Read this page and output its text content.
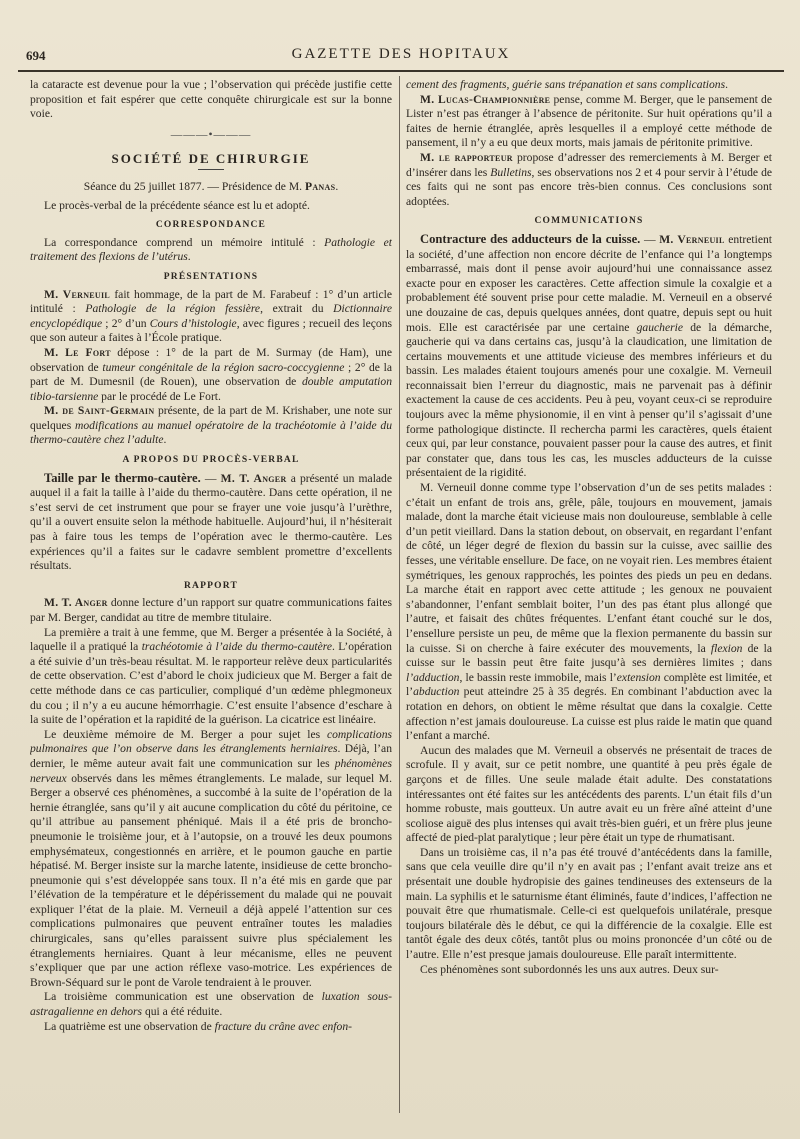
694	GAZETTE DES HOPITAUX

la cataracte est devenue pour la vue ; l’observation qui précède justifie cette proposition et fait espérer que cette conquête chirurgicale est sur la bonne voie.

———•———
SOCIÉTÉ DE CHIRURGIE

Séance du 25 juillet 1877. — Présidence de M. Panas.

Le procès-verbal de la précédente séance est lu et adopté.

CORRESPONDANCE

La correspondance comprend un mémoire intitulé : Pathologie et traitement des flexions de l’utérus.

PRÉSENTATIONS

M. Verneuil fait hommage, de la part de M. Farabeuf : 1° d’un article intitulé : Pathologie de la région fessière, extrait du Dictionnaire encyclopédique ; 2° d’un Cours d’histologie, avec figures ; recueil des leçons que son auteur a faites à l’École pratique.

M. Le Fort dépose : 1° de la part de M. Surmay (de Ham), une observation de tumeur congénitale de la région sacro-coccygienne ; 2° de la part de M. Dumesnil (de Rouen), une observation de double amputation tibio-tarsienne par le procédé de Le Fort.

M. de Saint-Germain présente, de la part de M. Krishaber, une note sur quelques modifications au manuel opératoire de la trachéotomie à l’aide du thermo-cautère chez l’adulte.

A PROPOS DU PROCÈS-VERBAL

Taille par le thermo-cautère. — M. T. Anger a présenté un malade auquel il a fait la taille à l’aide du thermo-cautère. Dans cette opération, il ne s’est servi de cet instrument que pour se frayer une voie jusqu’à l’urèthre, qu’il a ouvert ensuite selon la méthode habituelle. Aujourd’hui, il n’hésiterait pas à faire tous les temps de l’opération avec le thermo-cautère. Les expériences qu’il a faites sur le cadavre semblent promettre d’excellents résultats.

RAPPORT

M. T. Anger donne lecture d’un rapport sur quatre communications faites par M. Berger, candidat au titre de membre titulaire.

La première a trait à une femme, que M. Berger a présentée à la Société, à laquelle il a pratiqué la trachéotomie à l’aide du thermo-cautère. L’opération a été suivie d’un très-beau résultat. M. le rapporteur relève deux particularités de cette observation. C’est d’abord le choix judicieux que M. Berger a fait de cette méthode dans ce cas particulier, compliqué d’un œdème phlegmoneux du cou ; il n’y a eu aucune hémorrhagie. C’est ensuite l’absence d’eschare à la suite de l’opération et la rapidité de la guérison. La cicatrice est linéaire.

Le deuxième mémoire de M. Berger a pour sujet les complications pulmonaires que l’on observe dans les étranglements herniaires. Déjà, l’an dernier, le même auteur avait fait une communication sur les phénomènes nerveux observés dans les mêmes étranglements. Le malade, sur lequel M. Berger a observé ces phénomènes, a succombé à la suite de l’opération de la hernie étranglée, sans qu’il y ait aucune complication du côté du péritoine, ce qu’il attribue au pansement phéniqué. Mais il a été pris de broncho-pneumonie le troisième jour, et à l’autopsie, on a trouvé les deux poumons emphysémateux, congestionnés en arrière, et le poumon gauche en partie hépatisé. M. Berger insiste sur la marche latente, insidieuse de cette broncho-pneumonie qui s’est développée sans toux. Il n’a été mis en garde que par l’élévation de la température et le dépérissement du malade qui ne pouvait expliquer l’état de la plaie. M. Verneuil a déjà appelé l’attention sur ces complications pulmonaires que peuvent entraîner toutes les maladies chirurgicales, sans qu’elles paraissent suivre plus spécialement les étranglements herniaires. Quant à leur mécanisme, elles ne peuvent s’expliquer que par une action réflexe vaso-motrice. Les expériences de Brown-Séquard sur le pont de Varole tendraient à le prouver.

La troisième communication est une observation de luxation sous-astragalienne en dehors qui a été réduite.

La quatrième est une observation de fracture du crâne avec enfon-

cement des fragments, guérie sans trépanation et sans complications.

M. Lucas-Championnière pense, comme M. Berger, que le pansement de Lister n’est pas étranger à l’absence de péritonite. Sur huit opérations qu’il a faites de hernie étranglée, après lesquelles il a employé cette méthode de pansement, il n’y a eu que deux morts, mais jamais de péritonite primitive.

M. le rapporteur propose d’adresser des remerciements à M. Berger et d’insérer dans les Bulletins, ses observations nos 2 et 4 pour servir à l’étude de ces faits qui ne sont pas encore très-bien connus. Ces conclusions sont adoptées.

COMMUNICATIONS

Contracture des adducteurs de la cuisse. — M. Verneuil entretient la société, d’une affection non encore décrite de l’enfance qui l’a longtemps embarrassé, mais dont il pense avoir aujourd’hui une connaissance assez exacte pour en exposer les caractères. Cette affection simule la coxalgie et a probablement été souvent prise pour cette maladie. M. Verneuil en a observé une douzaine de cas, depuis quelques années, dont quatre, depuis sept ou huit mois. Elle est caractérisée par une certaine gaucherie de la démarche, gaucherie qui va dans certains cas, jusqu’à la claudication, une limitation de certains mouvements et une attitude vicieuse des membres inférieurs et du bassin. Les malades étaient toujours amenés pour une coxalgie. M. Verneuil reconnaissait bien l’erreur du diagnostic, mais ne parvenait pas à définir exactement la cause de ces accidents. Peu à peu, voyant ceux-ci se reproduire toujours avec la même physionomie, il en vint à penser qu’il s’agissait d’une forme pathologique distincte. Il rechercha parmi les caractères, quels étaient ceux qui, par leur constance, pouvaient passer pour la cause des autres, et finit par constater que, dans tous les cas, les muscles adducteurs de la cuisse présentaient de la rigidité.

M. Verneuil donne comme type l’observation d’un de ses petits malades : c’était un enfant de trois ans, grêle, pâle, toujours en mouvement, jamais malade, dont la marche était vicieuse mais non douloureuse, semblable à celle d’un petit vieillard. Dans la station debout, on observait, en regardant l’enfant de côté, un léger degré de flexion du bassin sur la cuisse, avec saillie des fesses, une véritable ensellure. De face, on ne voyait rien. Les membres étaient symétriques, les genoux rapprochés, les pointes des pieds un peu en dedans. La marche était en rapport avec cette attitude ; les genoux ne pouvaient s’abandonner, l’enfant semblait boiter, l’un des pas étant plus allongé que l’autre, et faisait des chûtes fréquentes. L’enfant étant couché sur le dos, l’ensellure persiste un peu, de même que la flexion permanente du bassin sur la cuisse. Si on cherche à faire exécuter des mouvements, la flexion de la cuisse sur le bassin peut être faite jusqu’à ses dernières limites ; dans l’adduction, le bassin reste immobile, mais l’extension complète est limitée, et l’abduction peut atteindre 25 à 35 degrés. En combinant l’abduction avec la rotation en dehors, on obtient le même résultat que dans la coxalgie. Cette affection n’est jamais douloureuse. La cuisse est plus raide le matin que quand l’enfant a marché.

Aucun des malades que M. Verneuil a observés ne présentait de traces de scrofule. Il y avait, sur ce petit nombre, une quantité à peu près égale de garçons et de filles. Une seule malade était adulte. Des constatations intéressantes ont été faites sur les antécédents des parents. L’un était fils d’un homme robuste, mais goutteux. Un autre avait eu un frère aîné atteint d’une scoliose aiguë des plus intenses qui avait très-bien guéri, et un frère plus jeune affecté de pied-plat paralytique ; leur père était un type de rhumatisant.

Dans un troisième cas, il n’a pas été trouvé d’antécédents dans la famille, sans que cela veuille dire qu’il n’y en avait pas ; l’enfant avait treize ans et présentait une double hydropisie des gaines tendineuses des extenseurs de la main. La syphilis et le saturnisme étant éliminés, faute d’indices, l’affection ne pouvait être que rhumatismale. Celle-ci est quelquefois unilatérale, presque toujours bilatérale dès le début, ce qui la différencie de la coxalgie. Elle est tantôt égale des deux côtés, tantôt plus ou moins prononcée d’un côté ou de l’autre. Elle n’est presque jamais douloureuse. Elle paraît intermittente.

Ces phénomènes sont subordonnés les uns aux autres. Deux sur-
